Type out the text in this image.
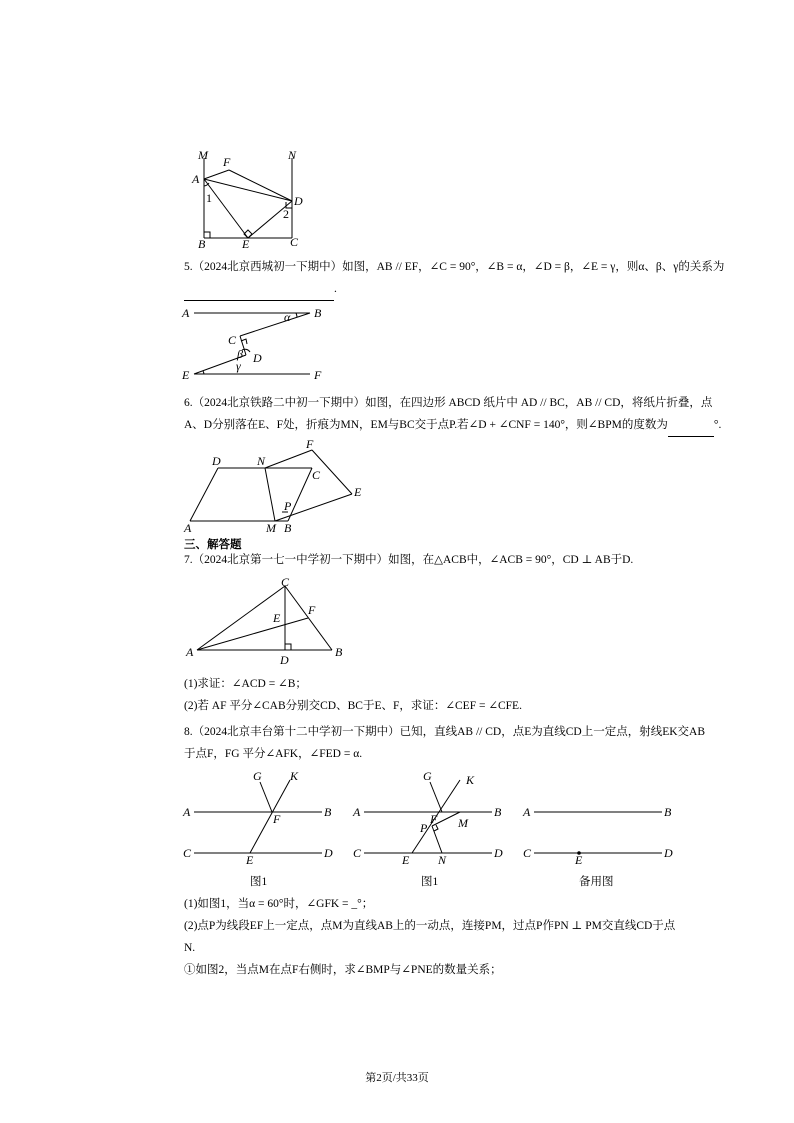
M F	N
A
1	D
2
B	E	C
5.（2024北京西城初一下期中）如图，AB // EF，∠C = 90°，∠B = α，∠D = β，∠E = γ，则α、β、γ的关系为.
A	B
α
C
β D
γ
E	F
6.（2024北京铁路二中初一下期中）如图，在四边形 ABCD 纸片中 AD // BC，AB // CD，将纸片折叠，点
A、D分别落在E、F处，折痕为MN，EM与BC交于点P.若∠D + ∠CNF = 140°，则∠BPM的度数为	°.
D	N
F
C
E
P
A	M B
三、解答题
7.（2024北京第一七一中学初一下期中）如图，在△ACB中，∠ACB = 90°，CD ⊥ AB于D.
C
F
E
A
D
B
(1)求证：∠ACD = ∠B；
(2)若 AF 平分∠CAB分别交CD、BC于E、F，求证：∠CEF = ∠CFE.
8.（2024北京丰台第十二中学初一下期中）已知，直线AB // CD，点E为直线CD上一定点，射线EK交AB
于点F，FG 平分∠AFK，∠FED = α.
G K
A	F	B
C	E	D
图1
G	K
A	F	B
P	M
C	E N	D
图1
A	B
C	E	D
备用图
(1)如图1，当α = 60°时，∠GFK = _°；
(2)点P为线段EF上一定点，点M为直线AB上的一动点，连接PM，过点P作PN ⊥ PM交直线CD于点
N.
①如图2，当点M在点F右侧时，求∠BMP与∠PNE的数量关系；
第2页/共33页
